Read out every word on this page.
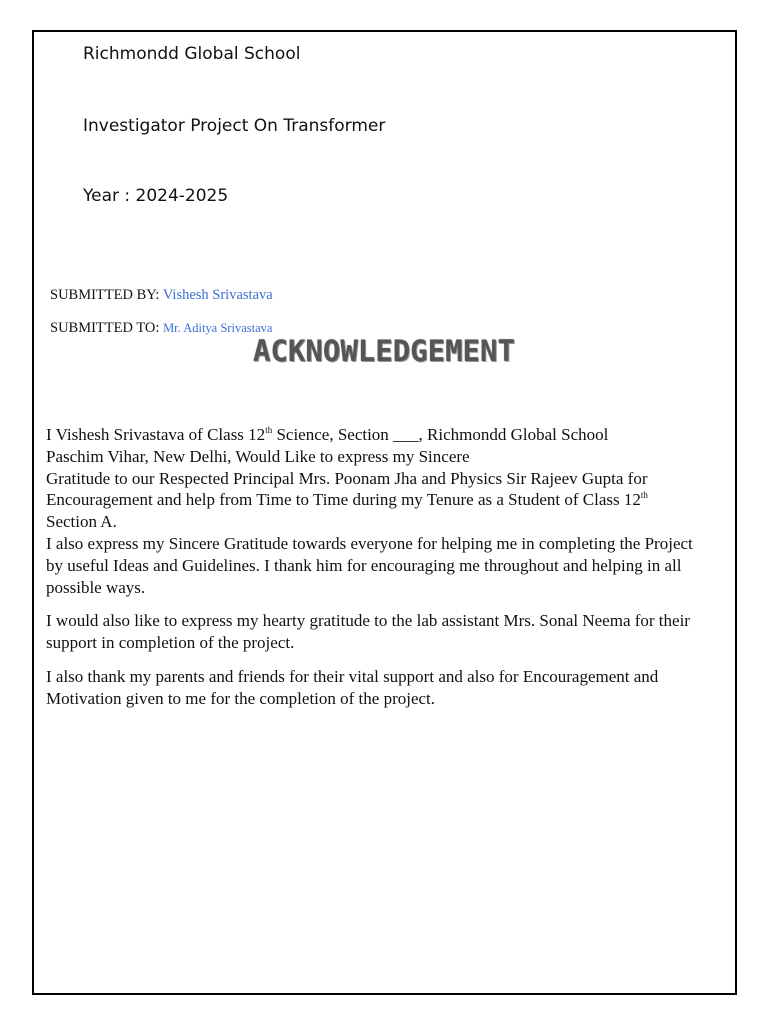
Richmondd Global School
Investigator Project On Transformer
Year : 2024-2025
SUBMITTED BY: Vishesh Srivastava
SUBMITTED TO: Mr. Aditya Srivastava
ACKNOWLEDGEMENT

I Vishesh Srivastava of Class 12th Science, Section ___, Richmondd Global School
Paschim Vihar, New Delhi, Would Like to express my Sincere
Gratitude to our Respected Principal Mrs. Poonam Jha and Physics Sir Rajeev Gupta for
Encouragement and help from Time to Time during my Tenure as a Student of Class 12th
Section A.

I also express my Sincere Gratitude towards everyone for helping me in completing the Project by useful Ideas and Guidelines. I thank him for encouraging me throughout and helping in all possible ways.

I would also like to express my hearty gratitude to the lab assistant Mrs. Sonal Neema for their support in completion of the project.

I also thank my parents and friends for their vital support and also for Encouragement and Motivation given to me for the completion of the project.
